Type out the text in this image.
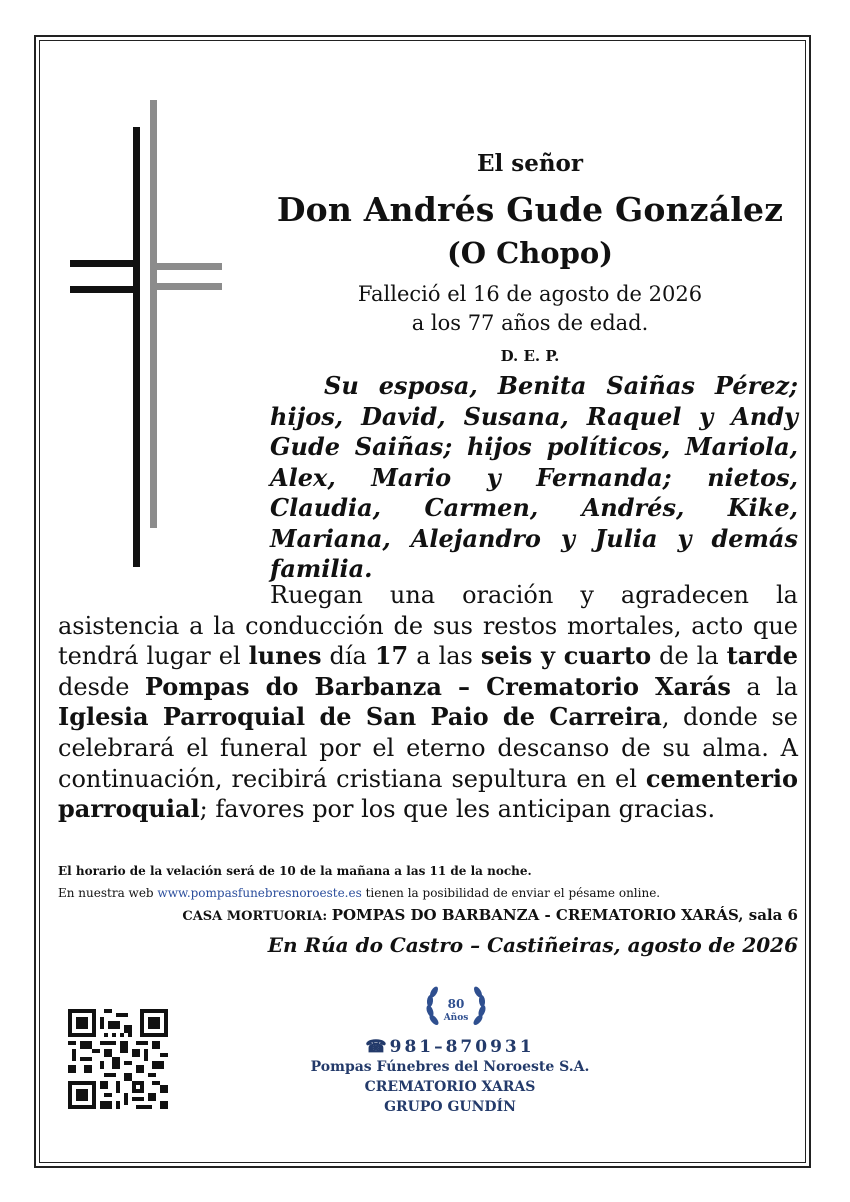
El señor
Don Andrés Gude González
(O Chopo)
Falleció el 16 de agosto de 2026
a los 77 años de edad.
D. E. P.
Su esposa, Benita Saiñas Pérez; hijos, David, Susana, Raquel y Andy Gude Saiñas; hijos políticos, Mariola, Alex, Mario y Fernanda; nietos, Claudia, Carmen, Andrés, Kike, Mariana, Alejandro y Julia y demás familia.
Ruegan una oración y agradecen la asistencia a la conducción de sus restos mortales, acto que tendrá lugar el lunes día 17 a las seis y cuarto de la tarde desde Pompas do Barbanza – Crematorio Xarás a la Iglesia Parroquial de San Paio de Carreira, donde se celebrará el funeral por el eterno descanso de su alma. A continuación, recibirá cristiana sepultura en el cementerio parroquial; favores por los que les anticipan gracias.
El horario de la velación será de 10 de la mañana a las 11 de la noche.
En nuestra web www.pompasfunebresnoroeste.es tienen la posibilidad de enviar el pésame online.
CASA MORTUORIA: POMPAS DO BARBANZA - CREMATORIO XARÁS, sala 6
En Rúa do Castro – Castiñeiras, agosto de 2026
80
Años
☎981–870931
Pompas Fúnebres del Noroeste S.A.
CREMATORIO XARAS
GRUPO GUNDÍN
